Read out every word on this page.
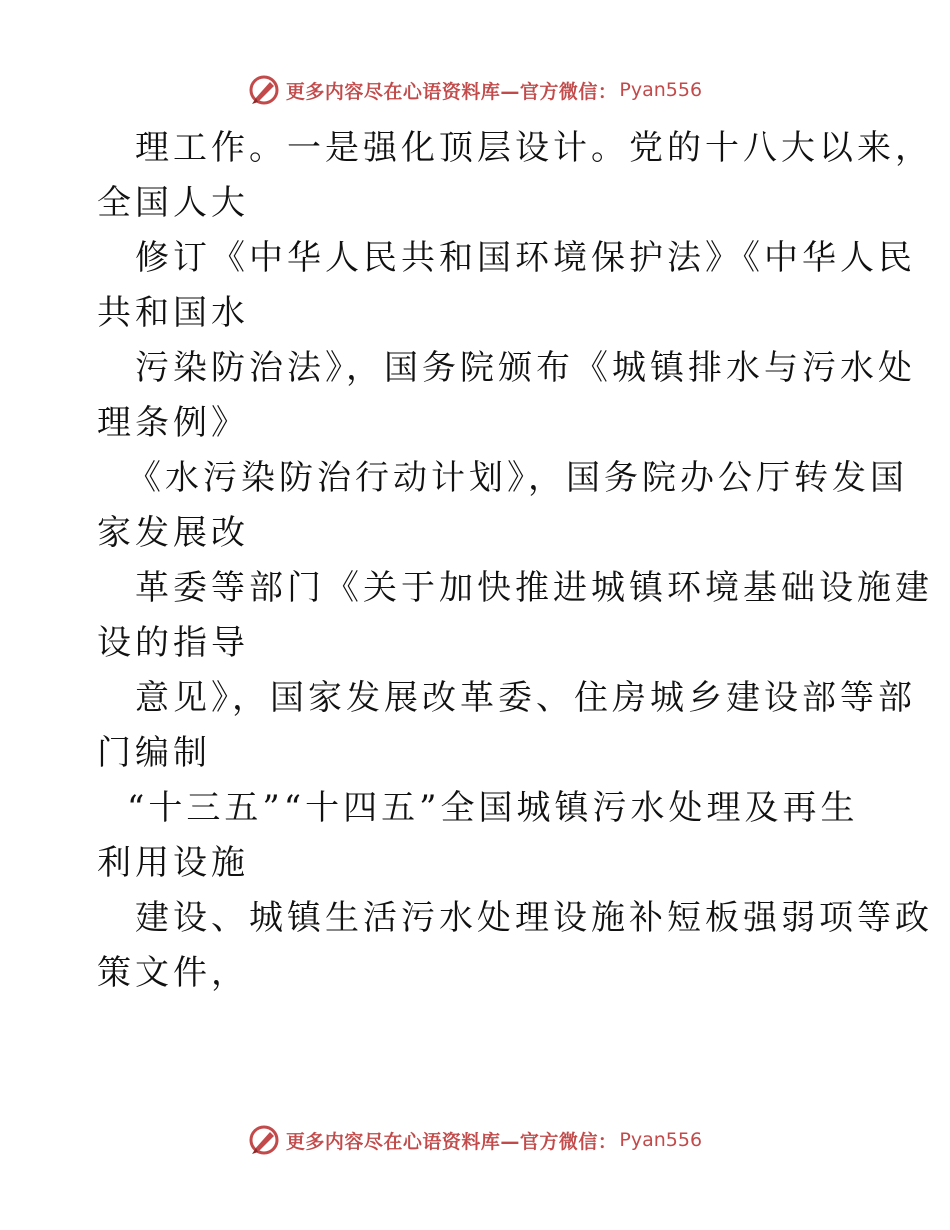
更多内容尽在心语资料库—官方微信： Pyan556
理工作。一是强化顶层设计。党的十八大以来，
全国人大
修订《中华人民共和国环境保护法》《中华人民
共和国水
污染防治法》，国务院颁布《城镇排水与污水处
理条例》
《水污染防治行动计划》，国务院办公厅转发国
家发展改
革委等部门《关于加快推进城镇环境基础设施建
设的指导
意见》，国家发展改革委、住房城乡建设部等部
门编制
“十三五”“十四五”全国城镇污水处理及再生
利用设施
建设、城镇生活污水处理设施补短板强弱项等政
策文件，
更多内容尽在心语资料库—官方微信： Pyan556
